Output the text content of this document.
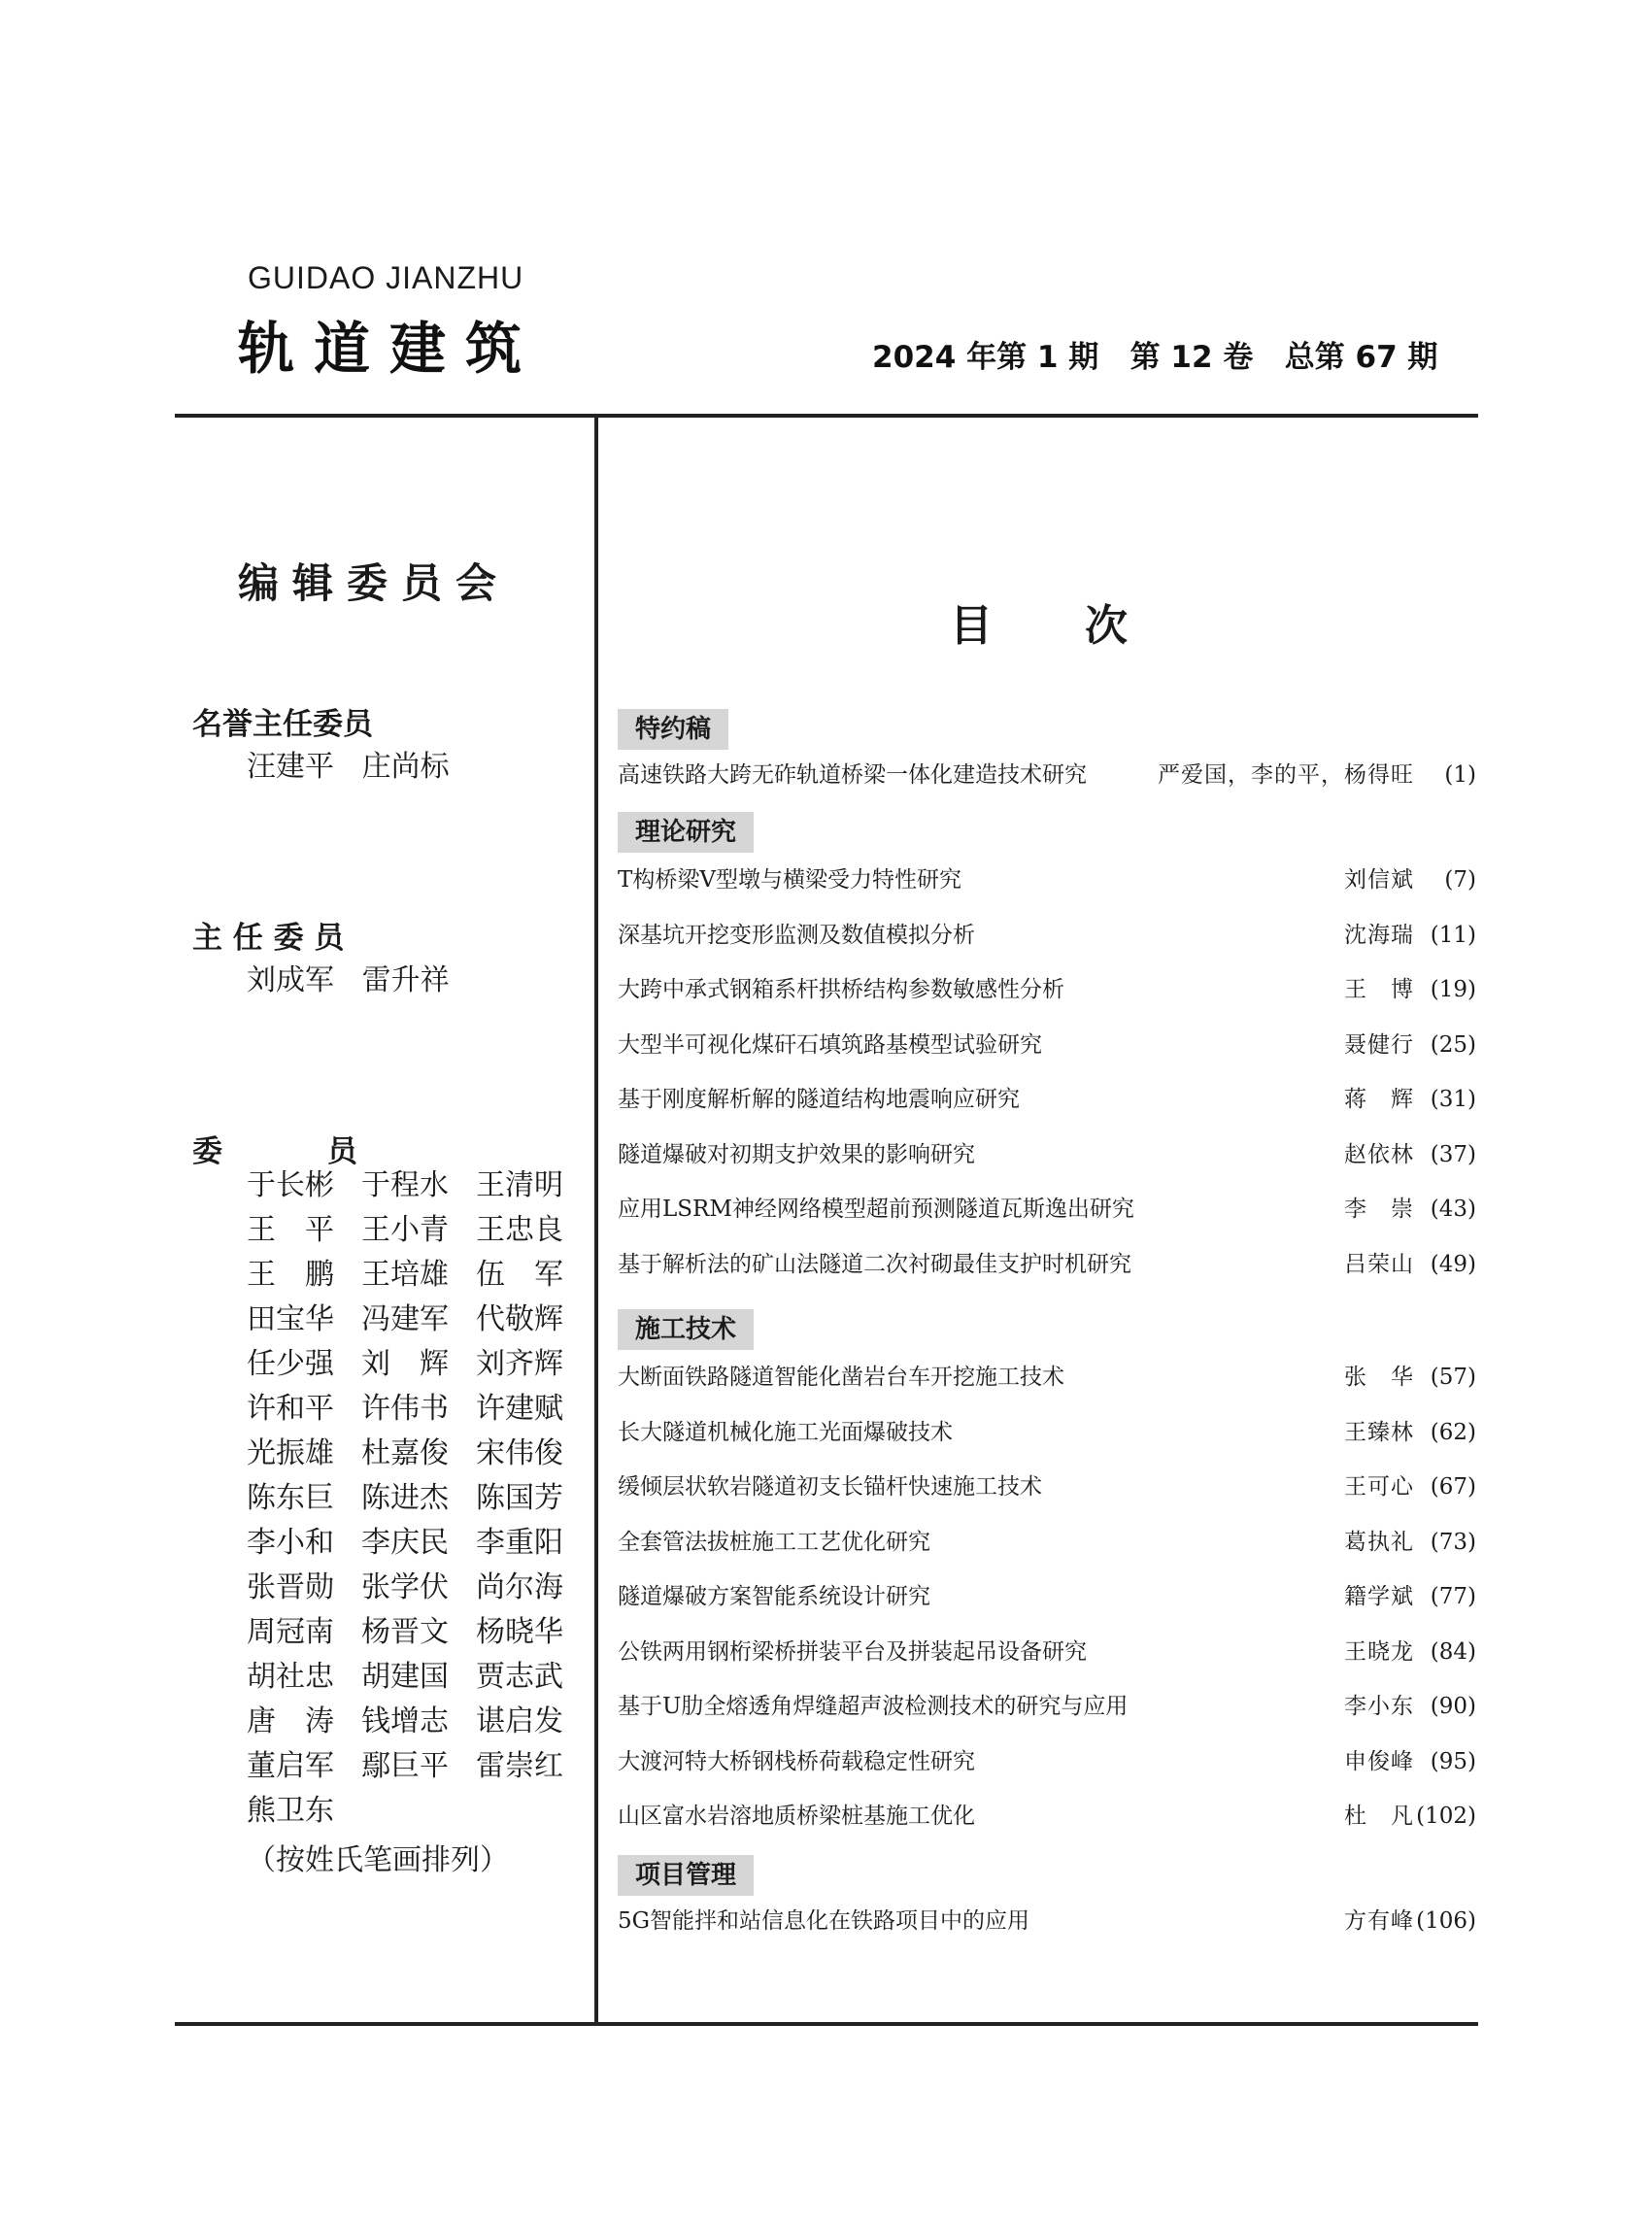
GUIDAO JIANZHU
轨道建筑	2024 年第 1 期   第 12 卷   总第 67 期
编辑委员会
名誉主任委员
汪建平   庄尚标
主 任 委 员
刘成军   雷升祥
委          员
于长彬 于程水 王清明
王　平 王小青 王忠良
王　鹏 王培雄 伍　军
田宝华 冯建军 代敬辉
任少强 刘　辉 刘齐辉
许和平 许伟书 许建赋
光振雄 杜嘉俊 宋伟俊
陈东巨 陈进杰 陈国芳
李小和 李庆民 李重阳
张晋勋 张学伏 尚尔海
周冠南 杨晋文 杨晓华
胡社忠 胡建国 贾志武
唐　涛 钱增志 谌启发
董启军 鄢巨平 雷崇红
熊卫东
（按姓氏笔画排列）
目次
特约稿
高速铁路大跨无砟轨道桥梁一体化建造技术研究	严爱国，李的平，杨得旺 (1)
理论研究
T构桥梁V型墩与横梁受力特性研究	刘信斌 (7)
深基坑开挖变形监测及数值模拟分析	沈海瑞 (11)
大跨中承式钢箱系杆拱桥结构参数敏感性分析	王　博 (19)
大型半可视化煤矸石填筑路基模型试验研究	聂健行 (25)
基于刚度解析解的隧道结构地震响应研究	蒋　辉 (31)
隧道爆破对初期支护效果的影响研究	赵依林 (37)
应用LSRM神经网络模型超前预测隧道瓦斯逸出研究	李　崇 (43)
基于解析法的矿山法隧道二次衬砌最佳支护时机研究	吕荣山 (49)
施工技术
大断面铁路隧道智能化凿岩台车开挖施工技术	张　华 (57)
长大隧道机械化施工光面爆破技术	王臻林 (62)
缓倾层状软岩隧道初支长锚杆快速施工技术	王可心 (67)
全套管法拔桩施工工艺优化研究	葛执礼 (73)
隧道爆破方案智能系统设计研究	籍学斌 (77)
公铁两用钢桁梁桥拼装平台及拼装起吊设备研究	王晓龙 (84)
基于U肋全熔透角焊缝超声波检测技术的研究与应用	李小东 (90)
大渡河特大桥钢栈桥荷载稳定性研究	申俊峰 (95)
山区富水岩溶地质桥梁桩基施工优化	杜　凡 (102)
项目管理
5G智能拌和站信息化在铁路项目中的应用	方有峰 (106)
